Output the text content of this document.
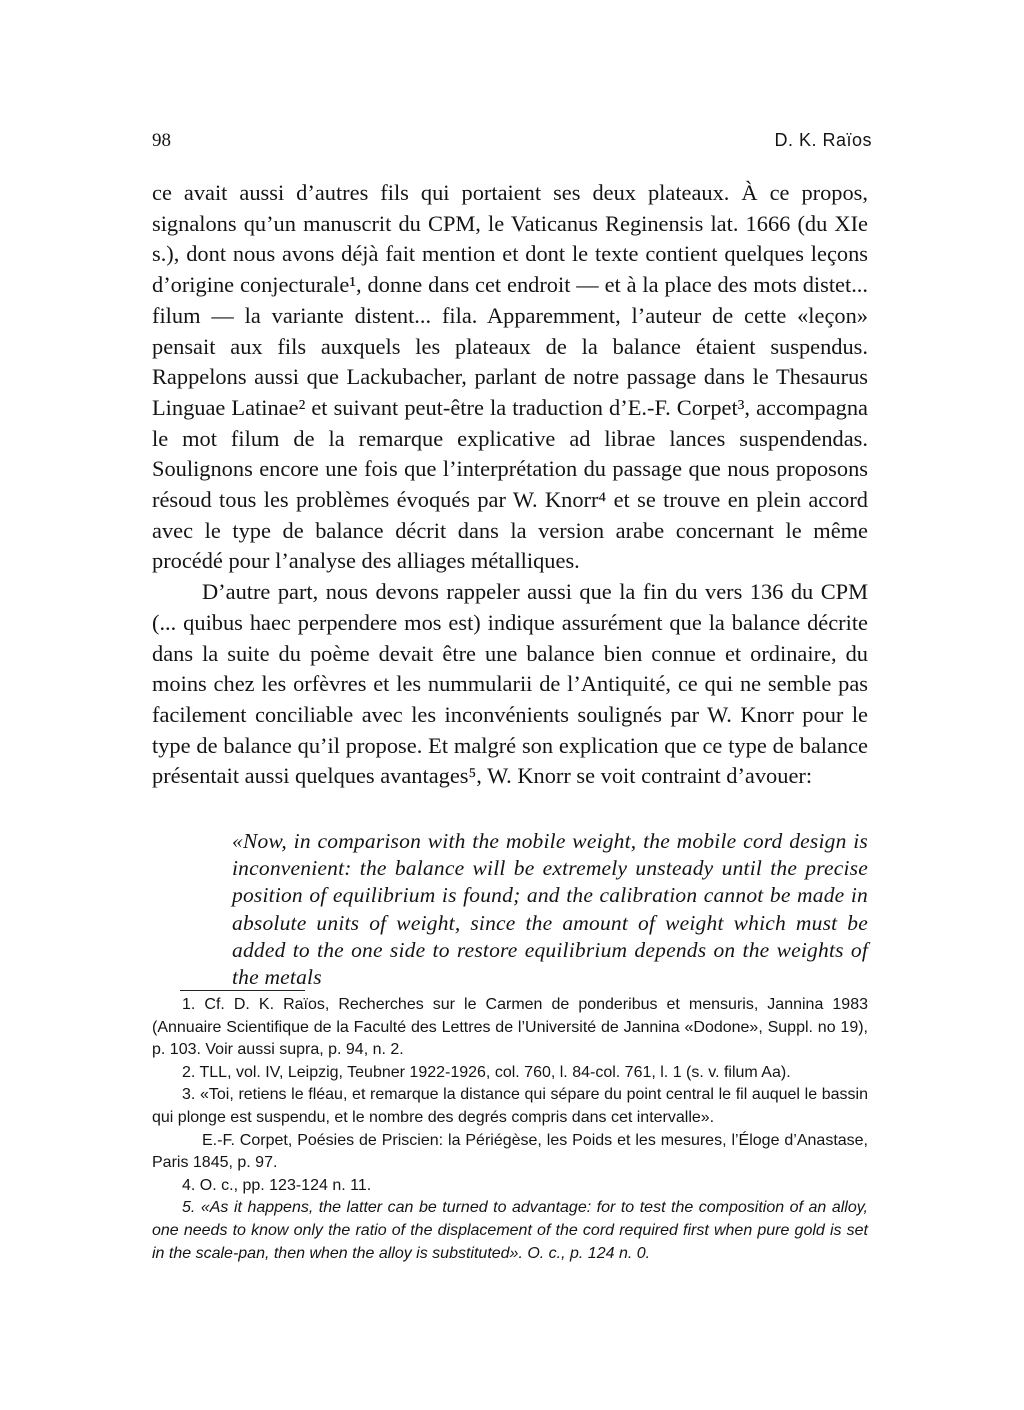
98	D. K. Raïos

ce avait aussi d’autres fils qui portaient ses deux plateaux. À ce propos, signalons qu’un manuscrit du CPM, le Vaticanus Reginensis lat. 1666 (du XIe s.), dont nous avons déjà fait mention et dont le texte contient quelques leçons d’origine conjecturale¹, donne dans cet endroit — et à la place des mots distet... filum — la variante distent... fila. Apparemment, l’auteur de cette «leçon» pensait aux fils auxquels les plateaux de la balance étaient suspendus. Rappelons aussi que Lackubacher, parlant de notre passage dans le Thesaurus Linguae Latinae² et suivant peut-être la traduction d’E.-F. Corpet³, accompagna le mot filum de la remarque explicative ad librae lances suspendendas. Soulignons encore une fois que l’interprétation du passage que nous proposons résoud tous les problèmes évoqués par W. Knorr⁴ et se trouve en plein accord avec le type de balance décrit dans la version arabe concernant le même procédé pour l’analyse des alliages métalliques.

D’autre part, nous devons rappeler aussi que la fin du vers 136 du CPM (... quibus haec perpendere mos est) indique assurément que la balance décrite dans la suite du poème devait être une balance bien connue et ordinaire, du moins chez les orfèvres et les nummularii de l’Antiquité, ce qui ne semble pas facilement conciliable avec les inconvénients soulignés par W. Knorr pour le type de balance qu’il propose. Et malgré son explication que ce type de balance présentait aussi quelques avantages⁵, W. Knorr se voit contraint d’avouer:

«Now, in comparison with the mobile weight, the mobile cord design is inconvenient: the balance will be extremely unsteady until the precise position of equilibrium is found; and the calibration cannot be made in absolute units of weight, since the amount of weight which must be added to the one side to restore equilibrium depends on the weights of the metals

1. Cf. D. K. Raïos, Recherches sur le Carmen de ponderibus et mensuris, Jannina 1983 (Annuaire Scientifique de la Faculté des Lettres de l’Université de Jannina «Dodone», Suppl. no 19), p. 103. Voir aussi supra, p. 94, n. 2.

2. TLL, vol. IV, Leipzig, Teubner 1922-1926, col. 760, l. 84-col. 761, l. 1 (s. v. filum Aa).

3. «Toi, retiens le fléau, et remarque la distance qui sépare du point central le fil auquel le bassin qui plonge est suspendu, et le nombre des degrés compris dans cet intervalle».

E.-F. Corpet, Poésies de Priscien: la Périégèse, les Poids et les mesures, l’Éloge d’Anastase, Paris 1845, p. 97.

4. O. c., pp. 123-124 n. 11.

5. «As it happens, the latter can be turned to advantage: for to test the composition of an alloy, one needs to know only the ratio of the displacement of the cord required first when pure gold is set in the scale-pan, then when the alloy is substituted». O. c., p. 124 n. 0.
